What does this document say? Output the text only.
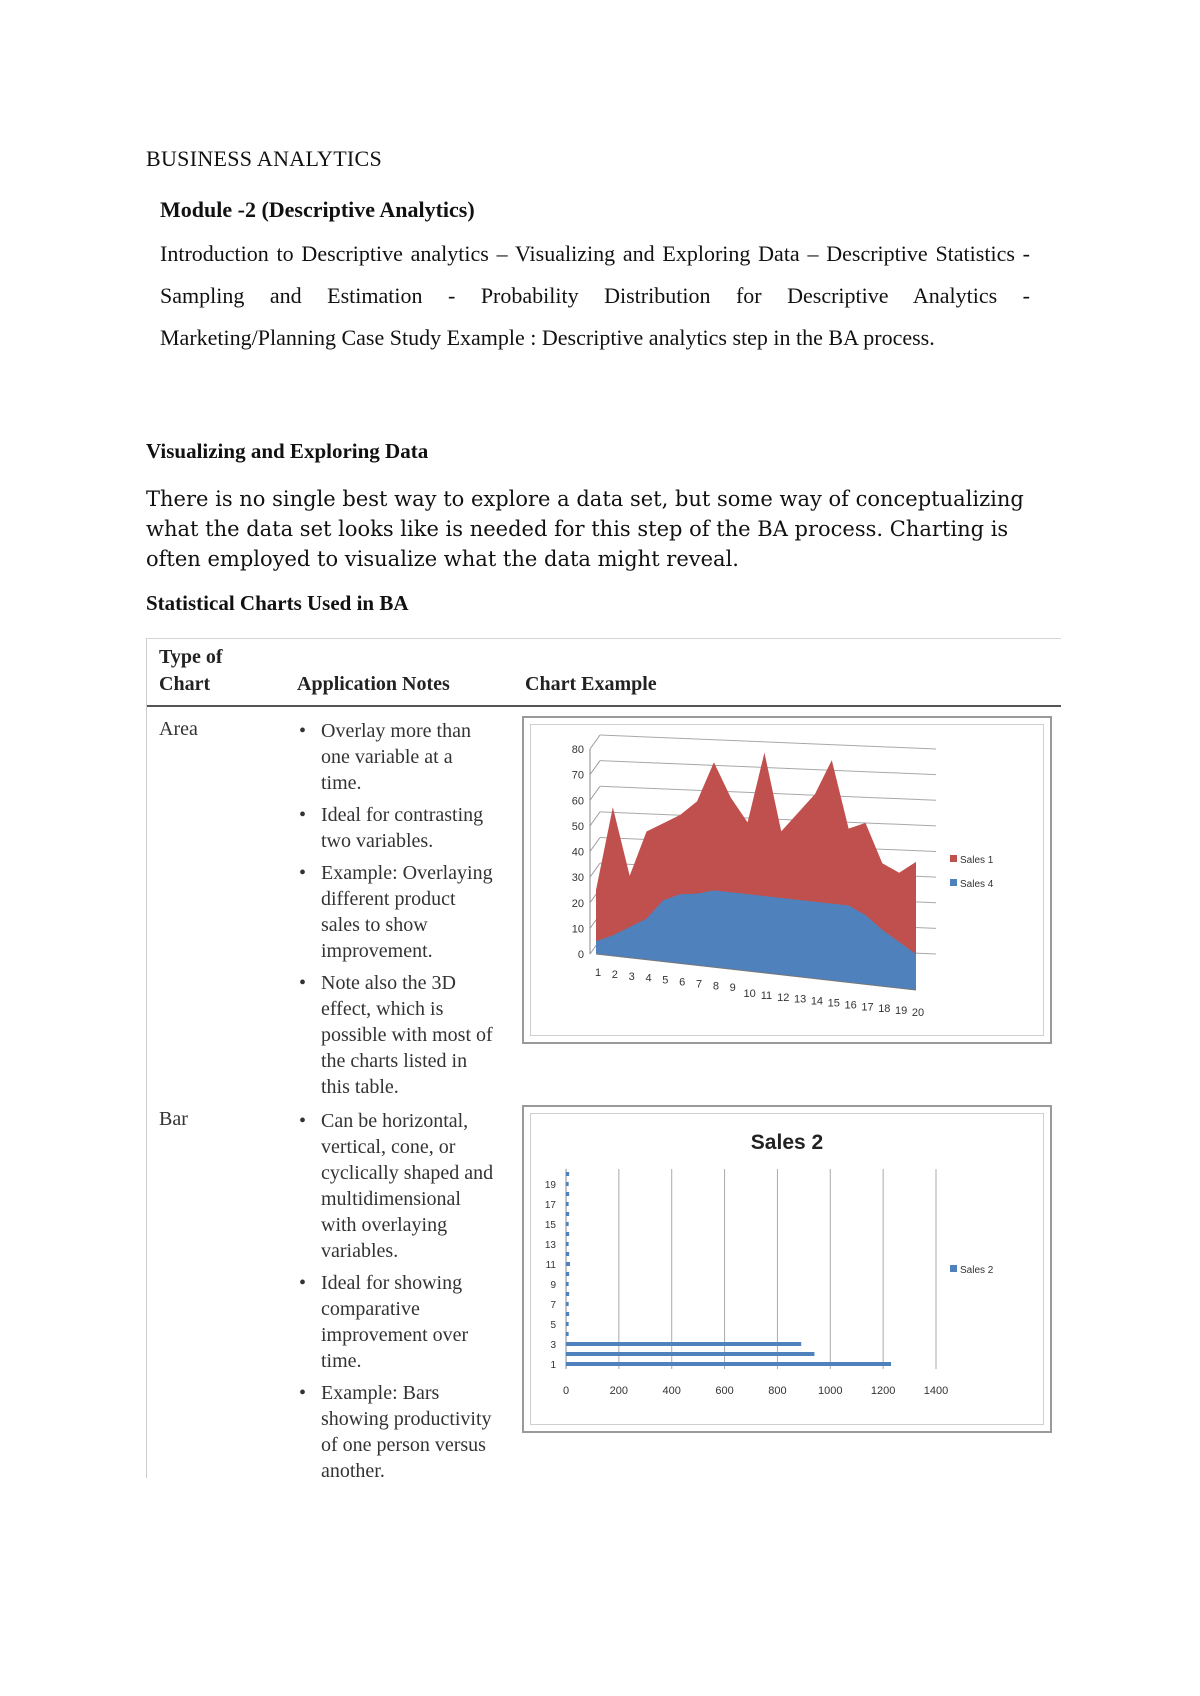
BUSINESS ANALYTICS

Module -2 (Descriptive Analytics)

Introduction to Descriptive analytics – Visualizing and Exploring Data – Descriptive Statistics - Sampling and Estimation - Probability Distribution for Descriptive Analytics - Marketing/Planning Case Study Example : Descriptive analytics step in the BA process.

Visualizing and Exploring Data
There is no single best way to explore a data set, but some way of conceptualizing what the data set looks like is needed for this step of the BA process. Charting is often employed to visualize what the data might reveal.
Statistical Charts Used in BA
Type of
Chart	Application Notes	Chart Example
Area	• Overlay more than one variable at a time.
• Ideal for contrasting two variables.
• Example: Overlaying different product sales to show improvement.
• Note also the 3D effect, which is possible with most of the charts listed in this table.
0
10
20
30
40
50
60
70
80
1 2 3 4 5 6 7 8 9 10 11 12 13 14 15 16 17 18 19 20
Sales 1
Sales 4
Bar	• Can be horizontal, vertical, cone, or cyclically shaped and multidimensional with overlaying variables.
• Ideal for showing comparative improvement over time.
• Example: Bars showing productivity of one person versus another.
Sales 2
0	200	400	600	800	1000	1200	1400
1
3
5
7
9
11
13
15
17
19
Sales 2
